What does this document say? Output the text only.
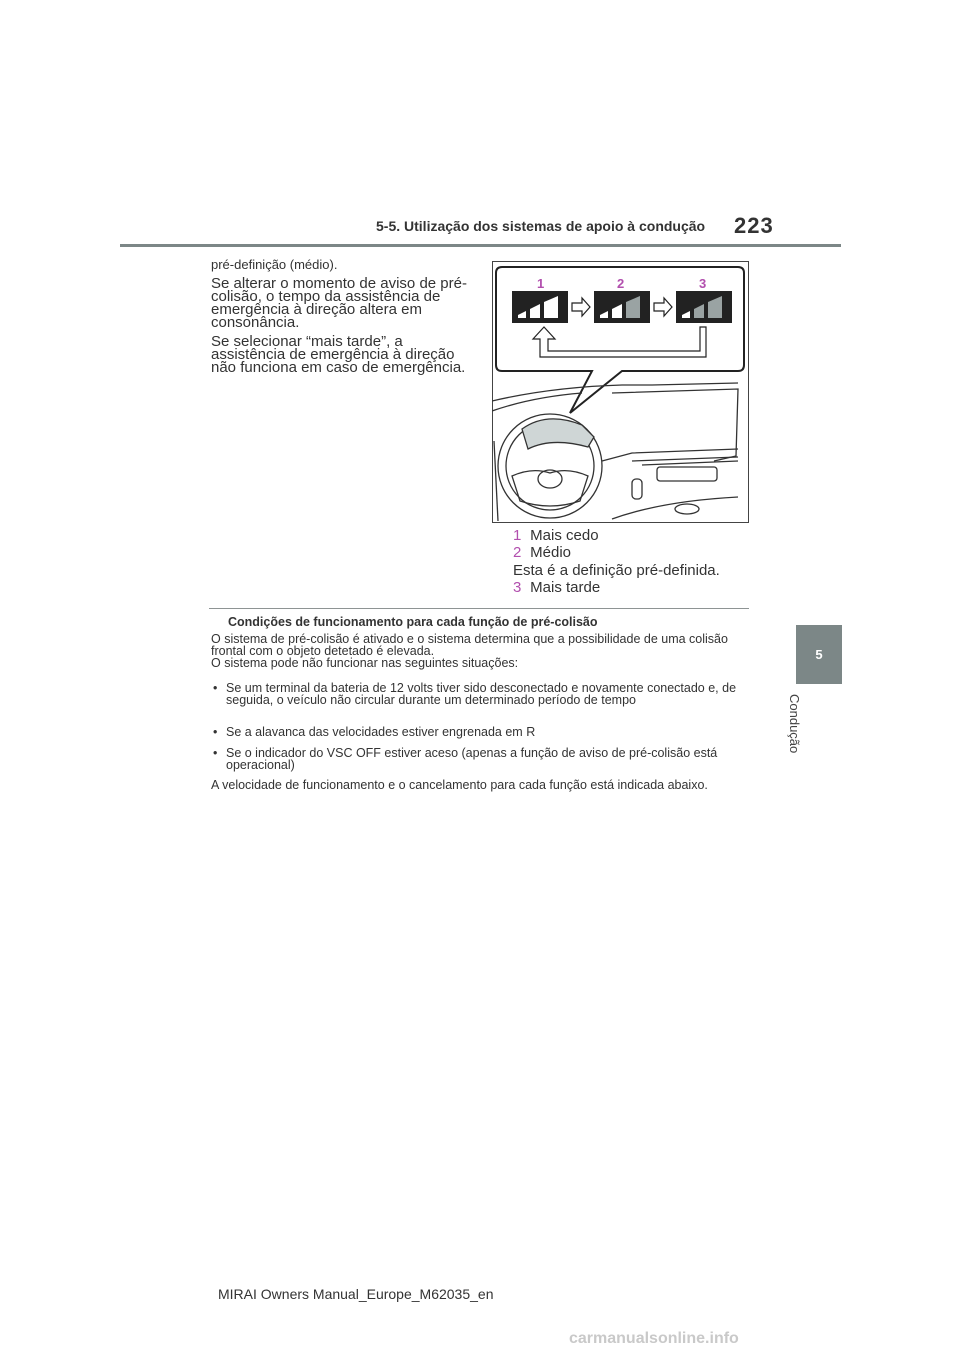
5-5. Utilização dos sistemas de apoio à condução 223
5
Condução
pré-definição (médio).
Se alterar o momento de aviso de pré-colisão, o tempo da assistência de emergência à direção altera em consonância.
Se selecionar “mais tarde”, a assistência de emergência à direção não funciona em caso de emergência.
1	2	3
1 Mais cedo
2 Médio
Esta é a definição pré-definida.
3 Mais tarde
Condições de funcionamento para cada função de pré-colisão
O sistema de pré-colisão é ativado e o sistema determina que a possibilidade de uma colisão frontal com o objeto detetado é elevada.
O sistema pode não funcionar nas seguintes situações:
• Se um terminal da bateria de 12 volts tiver sido desconectado e novamente conectado e, de seguida, o veículo não circular durante um determinado período de tempo
• Se a alavanca das velocidades estiver engrenada em R
• Se o indicador do VSC OFF estiver aceso (apenas a função de aviso de pré-colisão está operacional)
A velocidade de funcionamento e o cancelamento para cada função está indicada abaixo.
MIRAI Owners Manual_Europe_M62035_en
carmanualsonline.info
